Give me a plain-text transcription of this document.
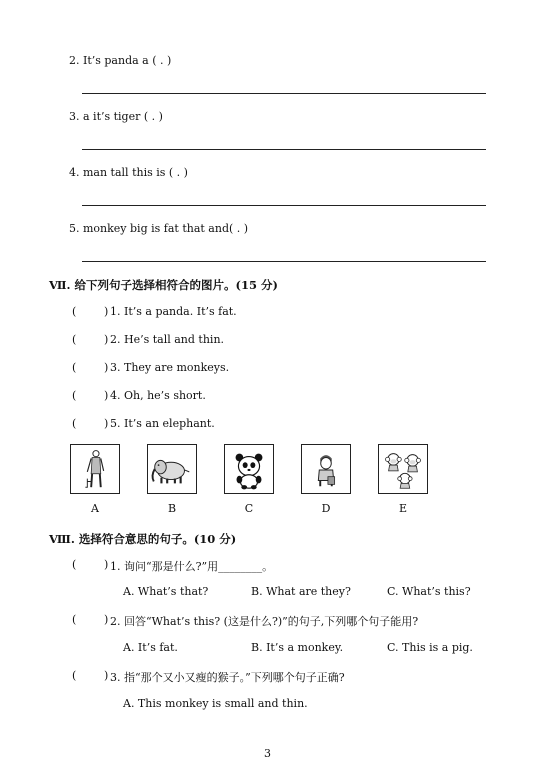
2. It’s panda a ( . )
3. a it’s tiger ( . )
4. man tall this is ( . )
5. monkey big is fat that and( . )
Ⅶ. 给下列句子选择相符合的图片。(15 分)
(	) 1. It’s a panda. It’s fat.
(	) 2. He’s tall and thin.
(	) 3. They are monkeys.
(	) 4. Oh, he’s short.
(	) 5. It’s an elephant.
A	B	C	D	E
Ⅷ. 选择符合意思的句子。(10 分)
(	) 1. 询问“那是什么?”用________。
A. What’s that?	B. What are they?	C. What’s this?
(	) 2. 回答“What’s this? (这是什么?)”的句子,下列哪个句子能用?
A. It’s fat.	B. It’s a monkey.	C. This is a pig.
(	) 3. 指“那个又小又瘦的猴子。”下列哪个句子正确?
A. This monkey is small and thin.
3
